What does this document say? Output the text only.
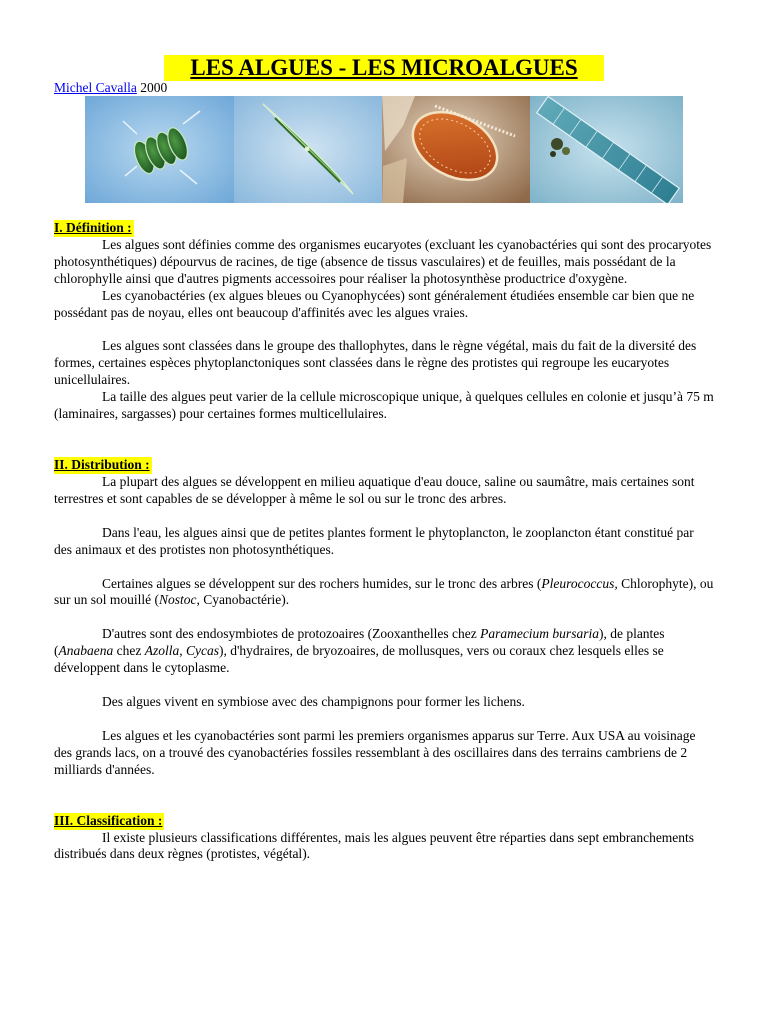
LES ALGUES - LES MICROALGUES
Michel Cavalla 2000
I. Définition :

Les algues sont définies comme des organismes eucaryotes (excluant les cyanobactéries qui sont des procaryotes photosynthétiques) dépourvus de racines, de tige (absence de tissus vasculaires) et de feuilles, mais possédant de la chlorophylle ainsi que d'autres pigments accessoires pour réaliser la photosynthèse productrice d'oxygène.

Les cyanobactéries (ex algues bleues ou Cyanophycées) sont généralement étudiées ensemble car bien que ne possédant pas de noyau, elles ont beaucoup d'affinités avec les algues vraies.

Les algues sont classées dans le groupe des thallophytes, dans le règne végétal, mais du fait de la diversité des formes, certaines espèces phytoplanctoniques sont classées dans le règne des protistes qui regroupe les eucaryotes unicellulaires.

La taille des algues peut varier de la cellule microscopique unique, à quelques cellules en colonie et jusqu’à 75 m (laminaires, sargasses) pour certaines formes multicellulaires.

II. Distribution :

La plupart des algues se développent en milieu aquatique d'eau douce, saline ou saumâtre, mais certaines sont terrestres et sont capables de se développer à même le sol ou sur le tronc des arbres.

Dans l'eau, les algues ainsi que de petites plantes forment le phytoplancton, le zooplancton étant constitué par des animaux et des protistes non photosynthétiques.

Certaines algues se développent sur des rochers humides, sur le tronc des arbres (Pleurococcus, Chlorophyte), ou sur un sol mouillé (Nostoc, Cyanobactérie).

D'autres sont des endosymbiotes de protozoaires (Zooxanthelles chez Paramecium bursaria), de plantes (Anabaena chez Azolla, Cycas), d'hydraires, de bryozoaires, de mollusques, vers ou coraux chez lesquels elles se développent dans le cytoplasme.

Des algues vivent en symbiose avec des champignons pour former les lichens.

Les algues et les cyanobactéries sont parmi les premiers organismes apparus sur Terre. Aux USA au voisinage des grands lacs, on a trouvé des cyanobactéries fossiles ressemblant à des oscillaires dans des terrains cambriens de 2 milliards d'années.

III. Classification :

Il existe plusieurs classifications différentes, mais les algues peuvent être réparties dans sept embranchements distribués dans deux règnes (protistes, végétal).
